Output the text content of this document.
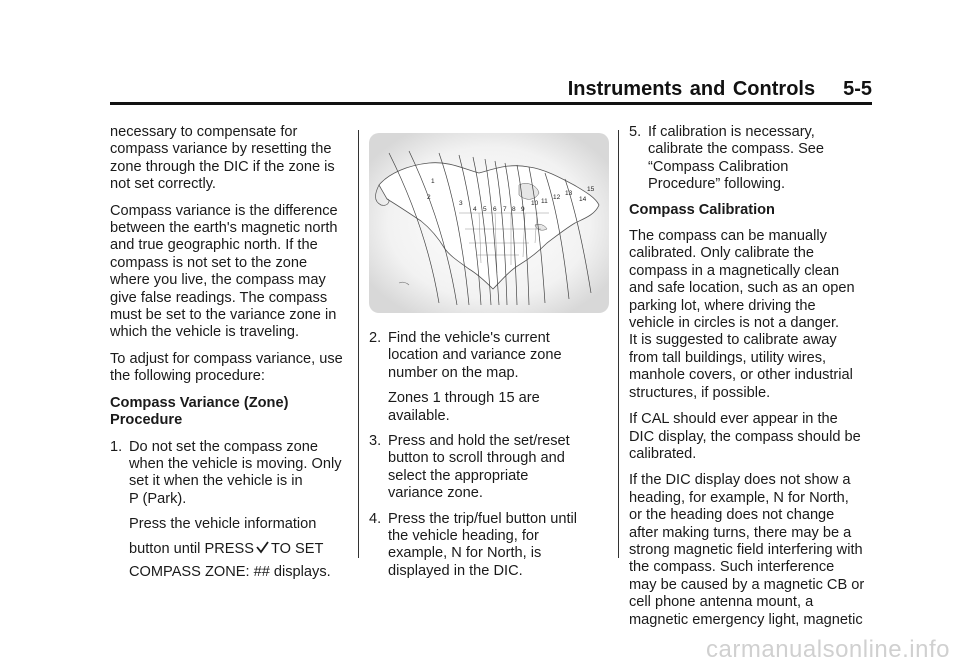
Instruments and Controls 5-5

necessary to compensate for
compass variance by resetting the
zone through the DIC if the zone is
not set correctly.

Compass variance is the difference
between the earth's magnetic north
and true geographic north. If the
compass is not set to the zone
where you live, the compass may
give false readings. The compass
must be set to the variance zone in
which the vehicle is traveling.

To adjust for compass variance, use
the following procedure:

Compass Variance (Zone)
Procedure

1. Do not set the compass zone
when the vehicle is moving. Only
set it when the vehicle is in
P (Park).
Press the vehicle information
button until PRESS TO SET
COMPASS ZONE: ## displays.
1
2
3
4 5 6 7 8 9
10 11
12
13
14
15
2. Find the vehicle's current
location and variance zone
number on the map.
Zones 1 through 15 are
available.
3. Press and hold the set/reset
button to scroll through and
select the appropriate
variance zone.
4. Press the trip/fuel button until
the vehicle heading, for
example, N for North, is
displayed in the DIC.
5. If calibration is necessary,
calibrate the compass. See
“Compass Calibration
Procedure” following.

Compass Calibration

The compass can be manually
calibrated. Only calibrate the
compass in a magnetically clean
and safe location, such as an open
parking lot, where driving the
vehicle in circles is not a danger.
It is suggested to calibrate away
from tall buildings, utility wires,
manhole covers, or other industrial
structures, if possible.

If CAL should ever appear in the
DIC display, the compass should be
calibrated.

If the DIC display does not show a
heading, for example, N for North,
or the heading does not change
after making turns, there may be a
strong magnetic field interfering with
the compass. Such interference
may be caused by a magnetic CB or
cell phone antenna mount, a
magnetic emergency light, magnetic

carmanualsonline.info
